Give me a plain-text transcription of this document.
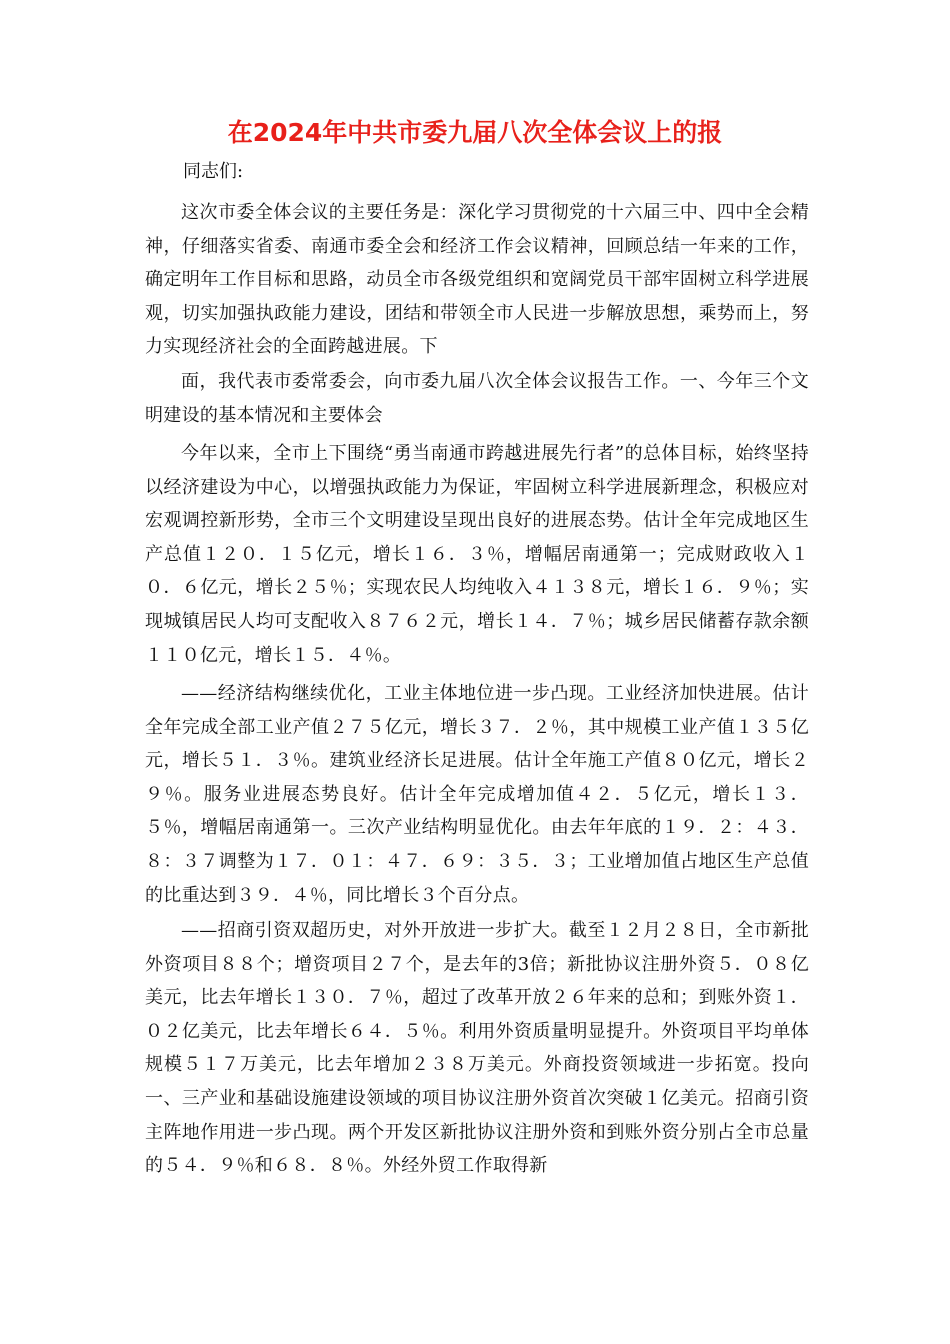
在2024年中共市委九届八次全体会议上的报
同志们:

这次市委全体会议的主要任务是：深化学习贯彻党的十六届三中、四中全会精神，仔细落实省委、南通市委全会和经济工作会议精神，回顾总结一年来的工作，确定明年工作目标和思路，动员全市各级党组织和宽阔党员干部牢固树立科学进展观，切实加强执政能力建设，团结和带领全市人民进一步解放思想，乘势而上，努力实现经济社会的全面跨越进展。下

面，我代表市委常委会，向市委九届八次全体会议报告工作。一、今年三个文明建设的基本情况和主要体会

今年以来，全市上下围绕“勇当南通市跨越进展先行者”的总体目标，始终坚持以经济建设为中心，以增强执政能力为保证，牢固树立科学进展新理念，积极应对宏观调控新形势，全市三个文明建设呈现出良好的进展态势。估计全年完成地区生产总值１２０．１５亿元，增长１６．３％，增幅居南通第一；完成财政收入１０．６亿元，增长２５％；实现农民人均纯收入４１３８元，增长１６．９％；实现城镇居民人均可支配收入８７６２元，增长１４．７％；城乡居民储蓄存款余额１１０亿元，增长１５．４％。

——经济结构继续优化，工业主体地位进一步凸现。工业经济加快进展。估计全年完成全部工业产值２７５亿元，增长３７．２％，其中规模工业产值１３５亿元，增长５１．３％。建筑业经济长足进展。估计全年施工产值８０亿元，增长２９％。服务业进展态势良好。估计全年完成增加值４２．５亿元，增长１３．５％，增幅居南通第一。三次产业结构明显优化。由去年年底的１９．２：４３．８：３７调整为１７．０１：４７．６９：３５．３；工业增加值占地区生产总值的比重达到３９．４％，同比增长３个百分点。

——招商引资双超历史，对外开放进一步扩大。截至１２月２８日，全市新批外资项目８８个；增资项目２７个，是去年的3倍；新批协议注册外资５．０８亿美元，比去年增长１３０．７％，超过了改革开放２６年来的总和；到账外资１．０２亿美元，比去年增长６４．５％。利用外资质量明显提升。外资项目平均单体规模５１７万美元，比去年增加２３８万美元。外商投资领域进一步拓宽。投向一、三产业和基础设施建设领域的项目协议注册外资首次突破１亿美元。招商引资主阵地作用进一步凸现。两个开发区新批协议注册外资和到账外资分别占全市总量的５４．９％和６８．８％。外经外贸工作取得新
